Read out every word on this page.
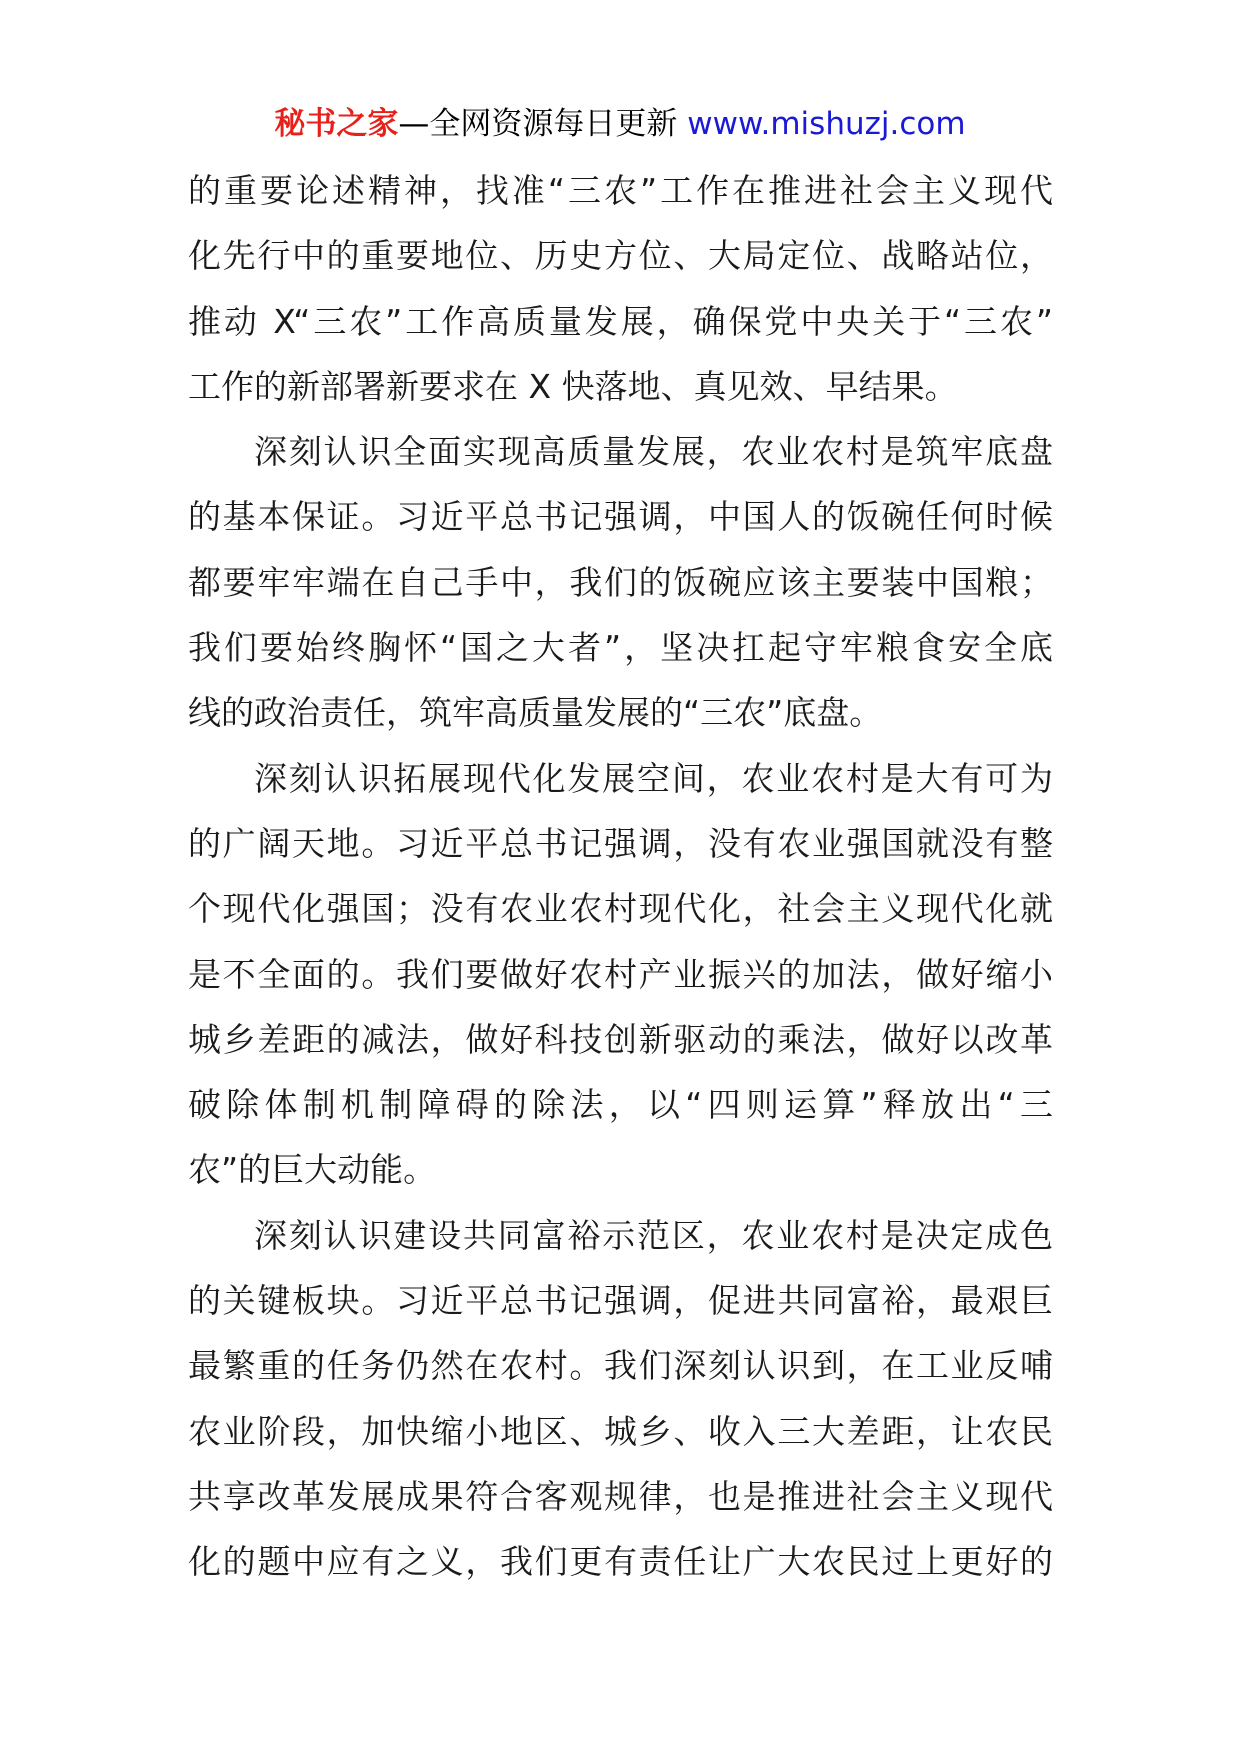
秘书之家—全网资源每日更新 www.mishuzj.com
的重要论述精神，找准“三农”工作在推进社会主义现代
化先行中的重要地位、历史方位、大局定位、战略站位，
推动 X“三农”工作高质量发展，确保党中央关于“三农”
工作的新部署新要求在 X 快落地、真见效、早结果。
深刻认识全面实现高质量发展，农业农村是筑牢底盘
的基本保证。习近平总书记强调，中国人的饭碗任何时候
都要牢牢端在自己手中，我们的饭碗应该主要装中国粮；
我们要始终胸怀“国之大者”，坚决扛起守牢粮食安全底
线的政治责任，筑牢高质量发展的“三农”底盘。
深刻认识拓展现代化发展空间，农业农村是大有可为
的广阔天地。习近平总书记强调，没有农业强国就没有整
个现代化强国；没有农业农村现代化，社会主义现代化就
是不全面的。我们要做好农村产业振兴的加法，做好缩小
城乡差距的减法，做好科技创新驱动的乘法，做好以改革
破除体制机制障碍的除法，以“四则运算”释放出“三
农”的巨大动能。
深刻认识建设共同富裕示范区，农业农村是决定成色
的关键板块。习近平总书记强调，促进共同富裕，最艰巨
最繁重的任务仍然在农村。我们深刻认识到，在工业反哺
农业阶段，加快缩小地区、城乡、收入三大差距，让农民
共享改革发展成果符合客观规律，也是推进社会主义现代
化的题中应有之义，我们更有责任让广大农民过上更好的
